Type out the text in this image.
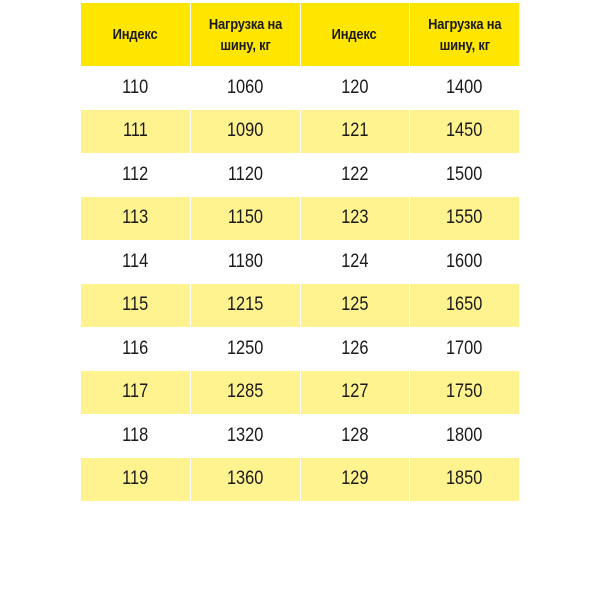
Индекс	Нагрузка на шину, кг	Индекс	Нагрузка на шину, кг
110	1060	120	1400
111	1090	121	1450
112	1120	122	1500
113	1150	123	1550
114	1180	124	1600
115	1215	125	1650
116	1250	126	1700
117	1285	127	1750
118	1320	128	1800
119	1360	129	1850
